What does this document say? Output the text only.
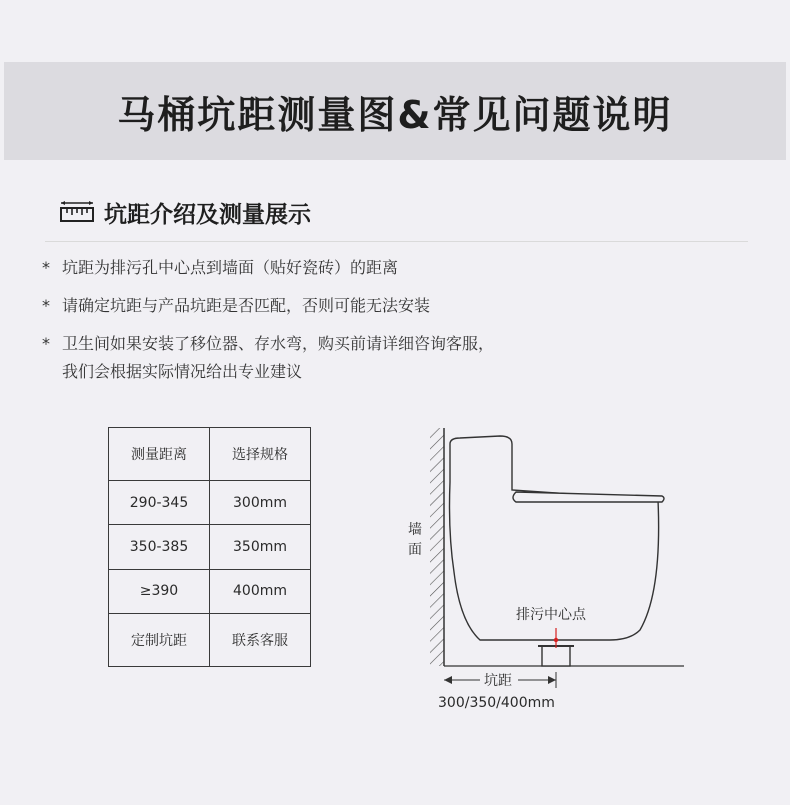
马桶坑距测量图&常见问题说明
坑距介绍及测量展示
* 坑距为排污孔中心点到墙面（贴好瓷砖）的距离
* 请确定坑距与产品坑距是否匹配，否则可能无法安装
* 卫生间如果安装了移位器、存水弯，购买前请详细咨询客服，
我们会根据实际情况给出专业建议
测量距离	选择规格
290-345	300mm
350-385	350mm
≥390	400mm
定制坑距	联系客服
排污中心点
墙
面
坑距
300/350/400mm
